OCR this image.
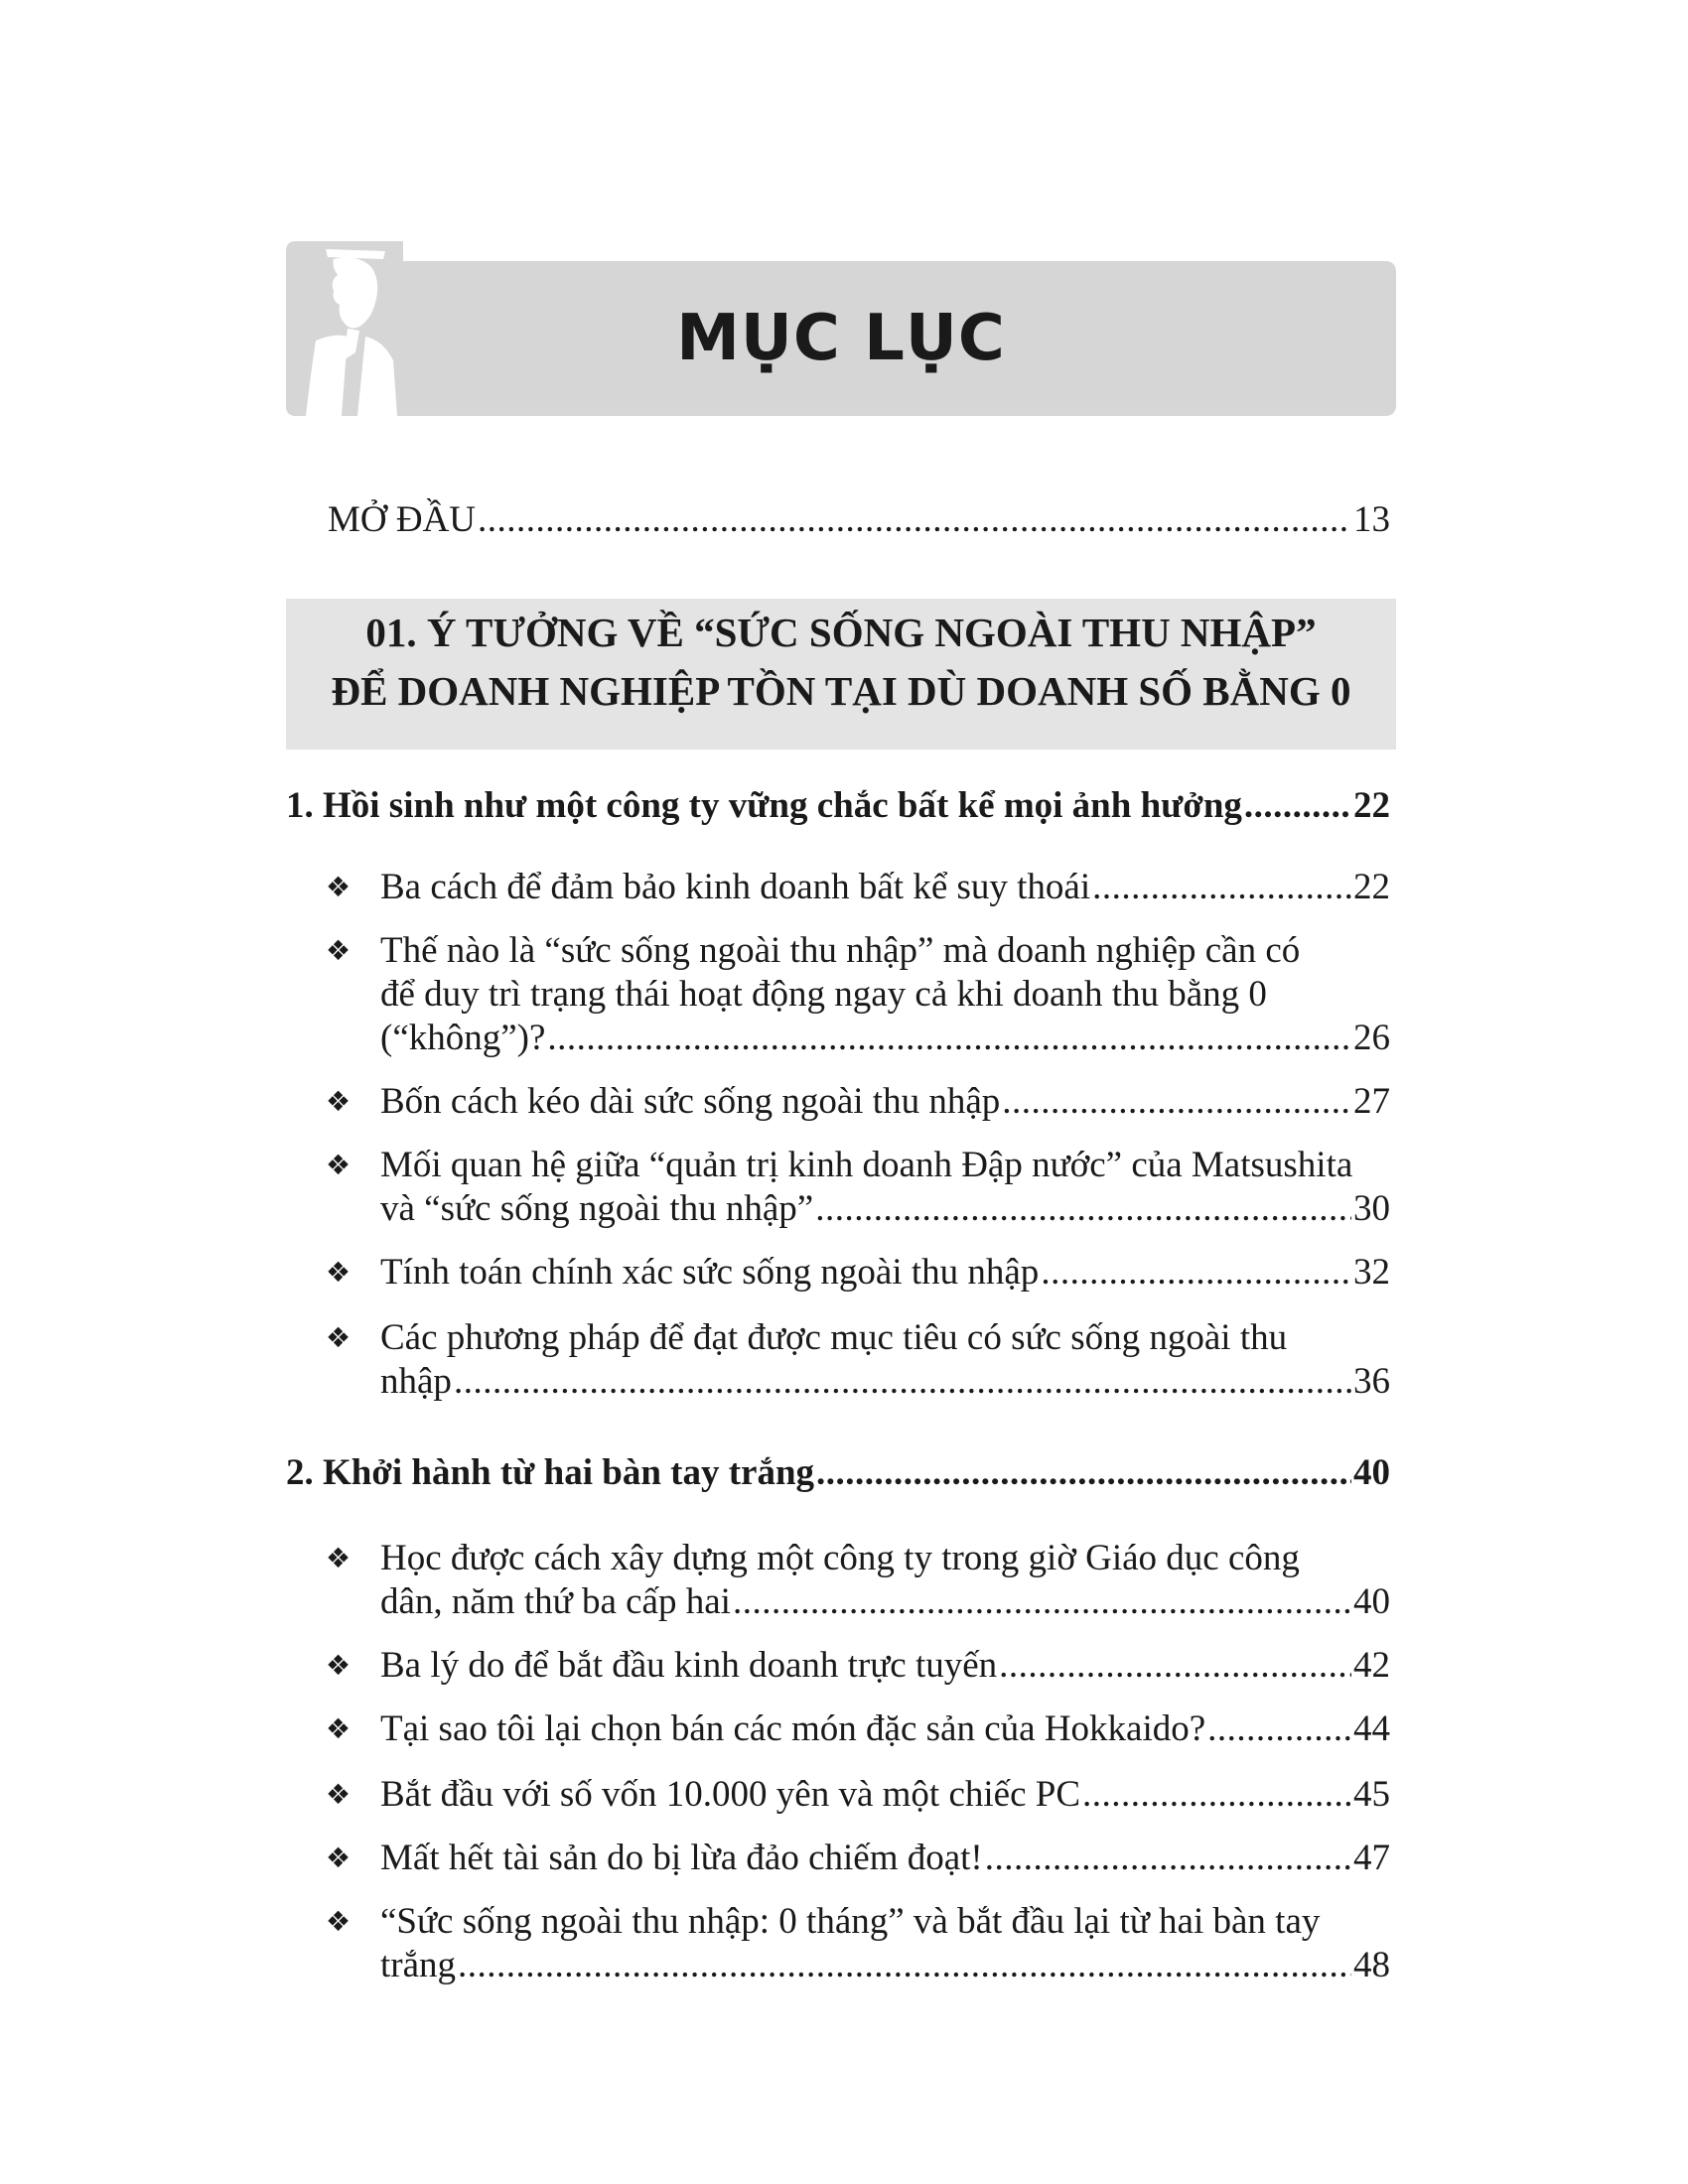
MỤC LỤC
MỞ ĐẦU .....	13
01. Ý TƯỞNG VỀ “SỨC SỐNG NGOÀI THU NHẬP”
ĐỂ DOANH NGHIỆP TỒN TẠI DÙ DOANH SỐ BẰNG 0
1. Hồi sinh như một công ty vững chắc bất kể mọi ảnh hưởng .....	22
❖ Ba cách để đảm bảo kinh doanh bất kể suy thoái .....	22
❖ Thế nào là “sức sống ngoài thu nhập” mà doanh nghiệp cần có
để duy trì trạng thái hoạt động ngay cả khi doanh thu bằng 0
(“không”)? .....	26
❖ Bốn cách kéo dài sức sống ngoài thu nhập .....	27
❖ Mối quan hệ giữa “quản trị kinh doanh Đập nước” của Matsushita
và “sức sống ngoài thu nhập” .....	30
❖ Tính toán chính xác sức sống ngoài thu nhập .....	32
❖ Các phương pháp để đạt được mục tiêu có sức sống ngoài thu
nhập .....	36
2. Khởi hành từ hai bàn tay trắng .....	40
❖ Học được cách xây dựng một công ty trong giờ Giáo dục công
dân, năm thứ ba cấp hai .....	40
❖ Ba lý do để bắt đầu kinh doanh trực tuyến .....	42
❖ Tại sao tôi lại chọn bán các món đặc sản của Hokkaido? .....	44
❖ Bắt đầu với số vốn 10.000 yên và một chiếc PC .....	45
❖ Mất hết tài sản do bị lừa đảo chiếm đoạt! .....	47
❖ “Sức sống ngoài thu nhập: 0 tháng” và bắt đầu lại từ hai bàn tay
trắng .....	48
